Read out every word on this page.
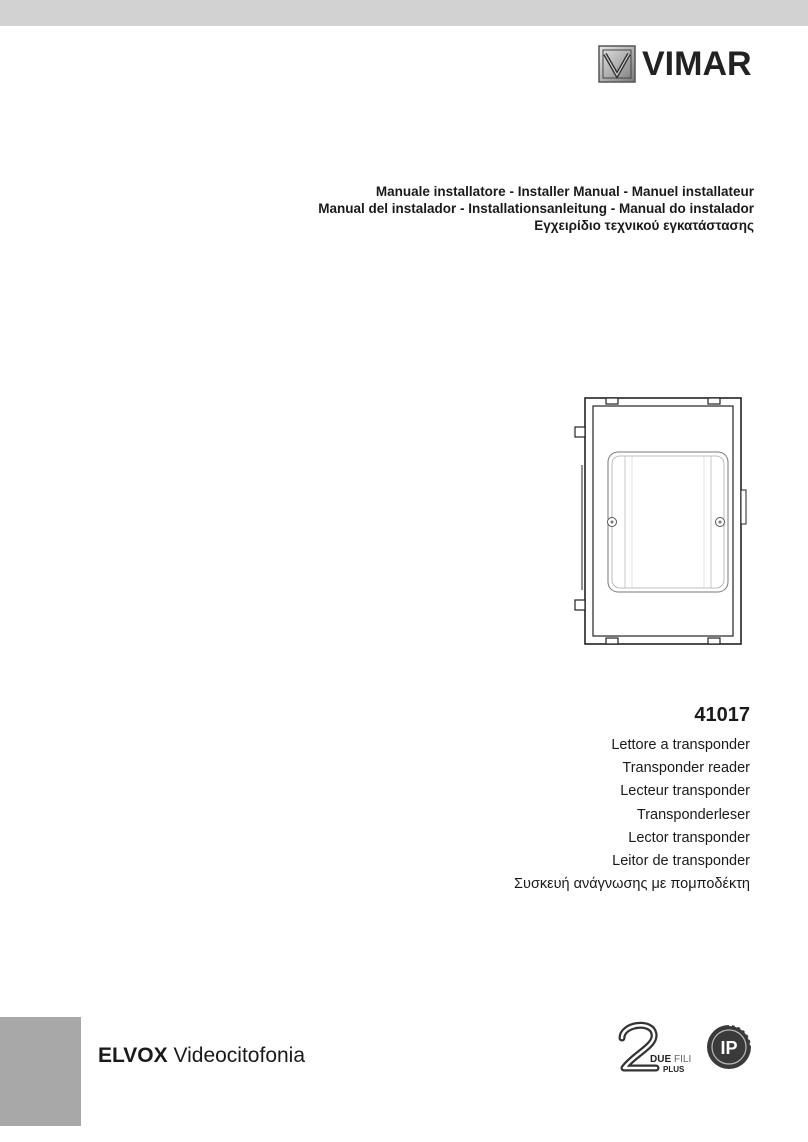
VIMAR
Manuale installatore - Installer Manual - Manuel installateur
Manual del instalador - Installationsanleitung - Manual do instalador
Εγχειρίδιο τεχνικού εγκατάστασης
41017
Lettore a transponder
Transponder reader
Lecteur transponder
Transponderleser
Lector transponder
Leitor de transponder
Συσκευή ανάγνωσης με πομποδέκτη
ELVOX Videocitofonia	DUE FILI
PLUS
IP
